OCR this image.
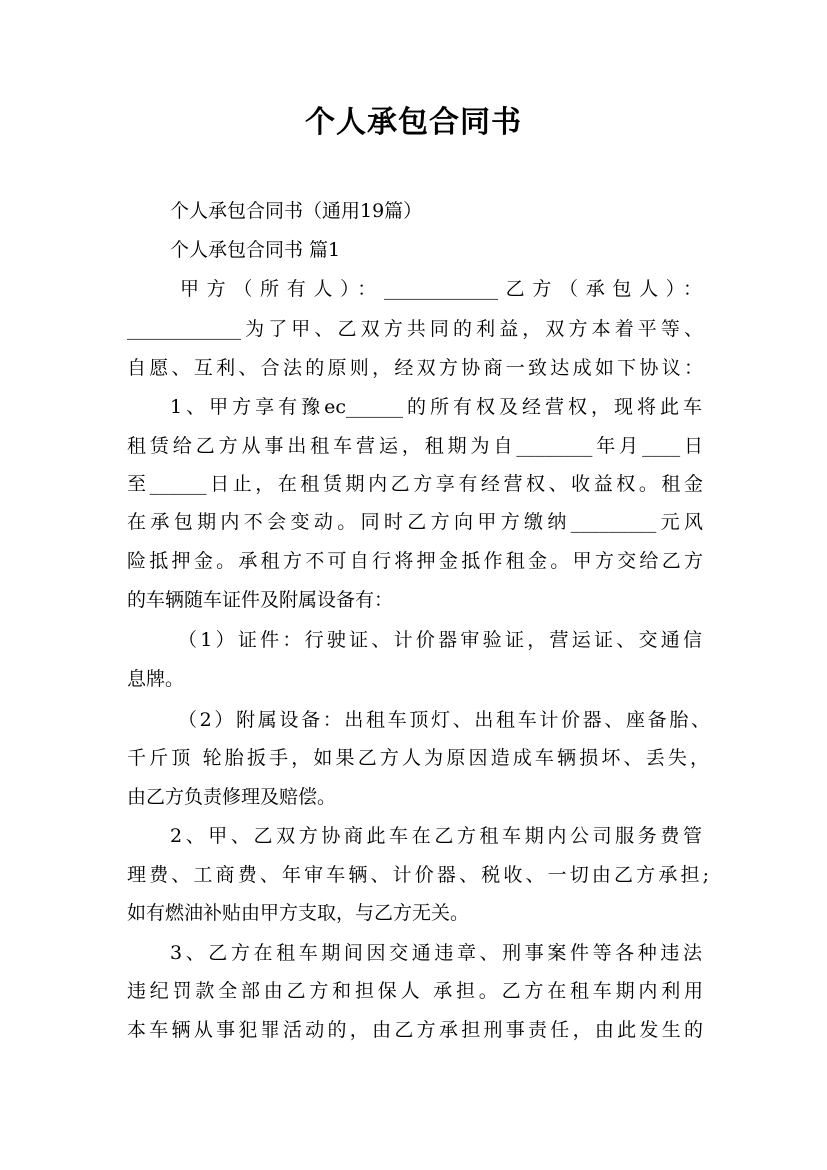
个人承包合同书
个人承包合同书（通用19篇）
个人承包合同书 篇1
甲方（所有人）：____________乙方（承包人）：
____________为了甲、乙双方共同的利益，双方本着平等、
自愿、互利、合法的原则，经双方协商一致达成如下协议：
1、甲方享有豫ec______的所有权及经营权，现将此车
租赁给乙方从事出租车营运，租期为自________年月____日
至______日止，在租赁期内乙方享有经营权、收益权。租金
在承包期内不会变动。同时乙方向甲方缴纳_________元风
险抵押金。承租方不可自行将押金抵作租金。甲方交给乙方
的车辆随车证件及附属设备有：
（1）证件：行驶证、计价器审验证，营运证、交通信
息牌。
（2）附属设备：出租车顶灯、出租车计价器、座备胎、
千斤顶 轮胎扳手，如果乙方人为原因造成车辆损坏、丢失，
由乙方负责修理及赔偿。
2、甲、乙双方协商此车在乙方租车期内公司服务费管
理费、工商费、年审车辆、计价器、税收、一切由乙方承担;
如有燃油补贴由甲方支取，与乙方无关。
3、乙方在租车期间因交通违章、刑事案件等各种违法
违纪罚款全部由乙方和担保人 承担。乙方在租车期内利用
本车辆从事犯罪活动的，由乙方承担刑事责任，由此发生的
